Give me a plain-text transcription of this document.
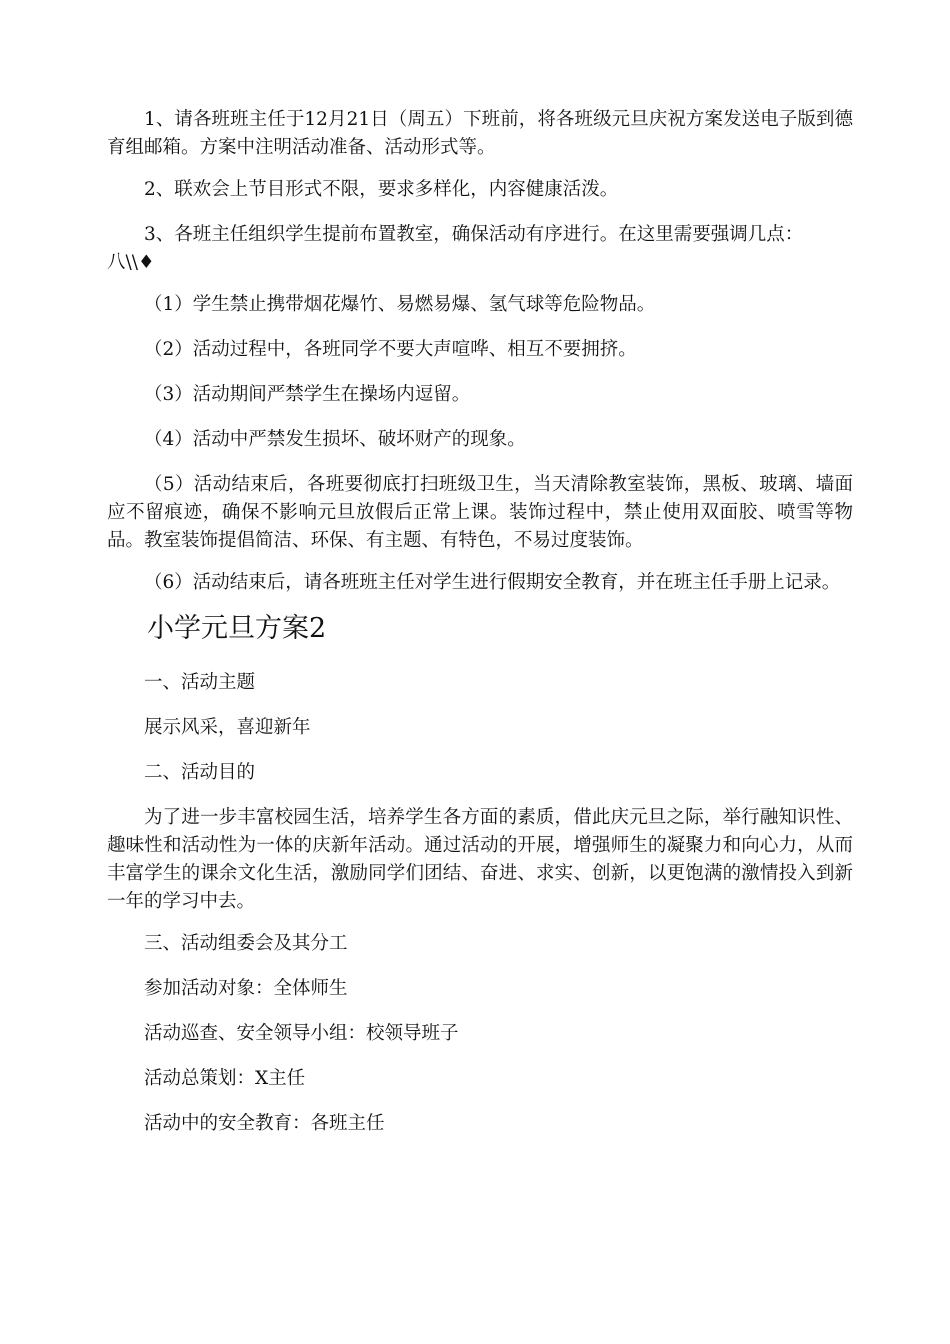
1、请各班班主任于12月21日（周五）下班前，将各班级元旦庆祝方案发送电子版到德育组邮箱。方案中注明活动准备、活动形式等。

2、联欢会上节目形式不限，要求多样化，内容健康活泼。

3、各班主任组织学生提前布置教室，确保活动有序进行。在这里需要强调几点：

八\\♦

（1）学生禁止携带烟花爆竹、易燃易爆、氢气球等危险物品。

（2）活动过程中，各班同学不要大声喧哗、相互不要拥挤。

（3）活动期间严禁学生在操场内逗留。

（4）活动中严禁发生损坏、破坏财产的现象。

（5）活动结束后，各班要彻底打扫班级卫生，当天清除教室装饰，黑板、玻璃、墙面应不留痕迹，确保不影响元旦放假后正常上课。装饰过程中，禁止使用双面胶、喷雪等物品。教室装饰提倡简洁、环保、有主题、有特色，不易过度装饰。

（6）活动结束后，请各班班主任对学生进行假期安全教育，并在班主任手册上记录。

小学元旦方案2

一、活动主题

展示风采，喜迎新年

二、活动目的

为了进一步丰富校园生活，培养学生各方面的素质，借此庆元旦之际，举行融知识性、趣味性和活动性为一体的庆新年活动。通过活动的开展，增强师生的凝聚力和向心力，从而丰富学生的课余文化生活，激励同学们团结、奋进、求实、创新，以更饱满的激情投入到新一年的学习中去。

三、活动组委会及其分工

参加活动对象：全体师生

活动巡查、安全领导小组：校领导班子

活动总策划：X主任

活动中的安全教育：各班主任
